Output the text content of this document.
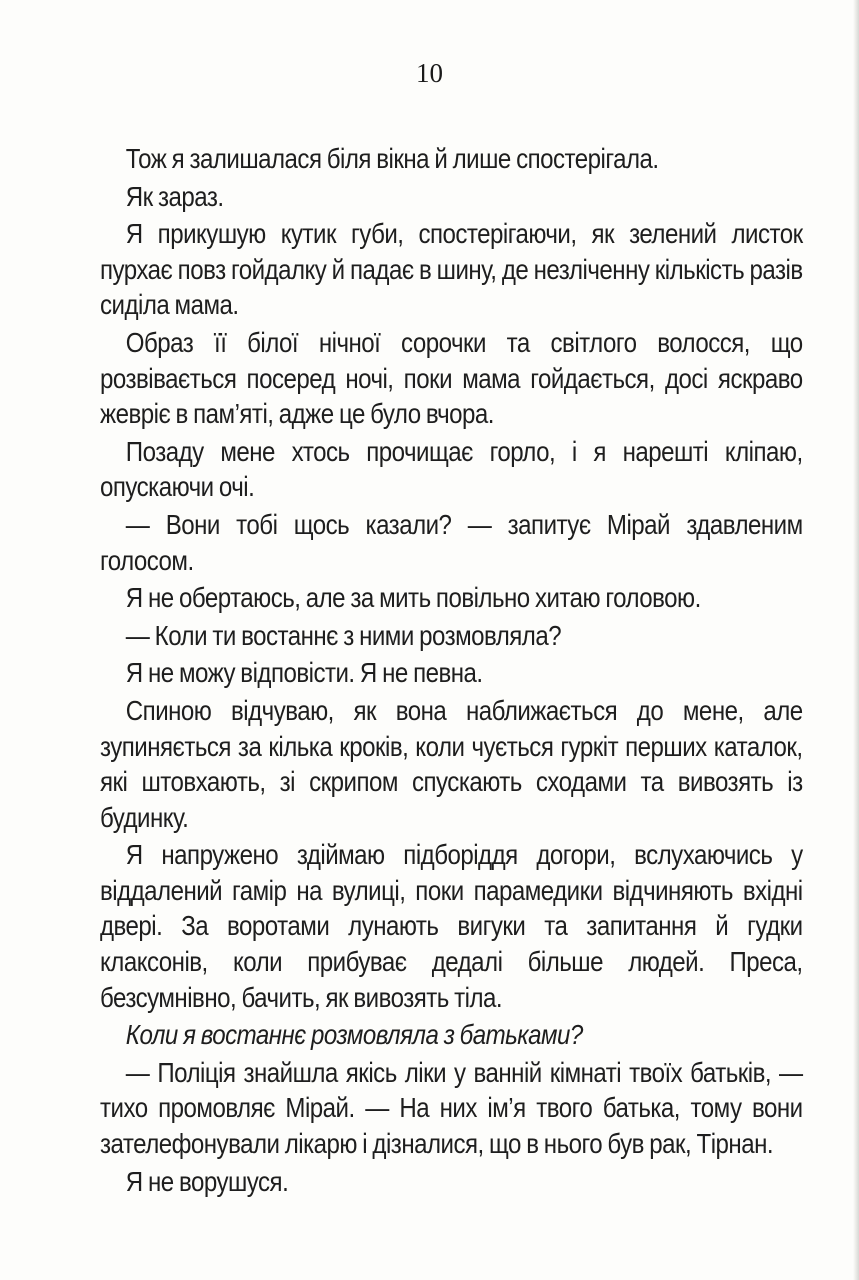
10

Тож я залишалася біля вікна й лише спостерігала.

Як зараз.

Я прикушую кутик губи, спостерігаючи, як зелений листок пурхає повз гойдалку й падає в шину, де незліченну кількість разів сиділа мама.

Образ її білої нічної сорочки та світлого волосся, що розвівається посеред ночі, поки мама гойдається, досі яскраво жевріє в пам’яті, адже це було вчора.

Позаду мене хтось прочищає горло, і я нарешті кліпаю, опускаючи очі.

— Вони тобі щось казали? — запитує Мірай здавленим голосом.

Я не обертаюсь, але за мить повільно хитаю головою.

— Коли ти востаннє з ними розмовляла?

Я не можу відповісти. Я не певна.

Спиною відчуваю, як вона наближається до мене, але зупиняється за кілька кроків, коли чується гуркіт перших каталок, які штовхають, зі скрипом спускають сходами та вивозять із будинку.

Я напружено здіймаю підборіддя догори, вслухаючись у віддалений гамір на вулиці, поки парамедики відчиняють вхідні двері. За воротами лунають вигуки та запитання й гудки клаксонів, коли прибуває дедалі більше людей. Преса, безсумнівно, бачить, як вивозять тіла.

Коли я востаннє розмовляла з батьками?

— Поліція знайшла якісь ліки у ванній кімнаті твоїх батьків, — тихо промовляє Мірай. — На них ім’я твого батька, тому вони зателефонували лікарю і дізналися, що в нього був рак, Тірнан.

Я не ворушуся.
